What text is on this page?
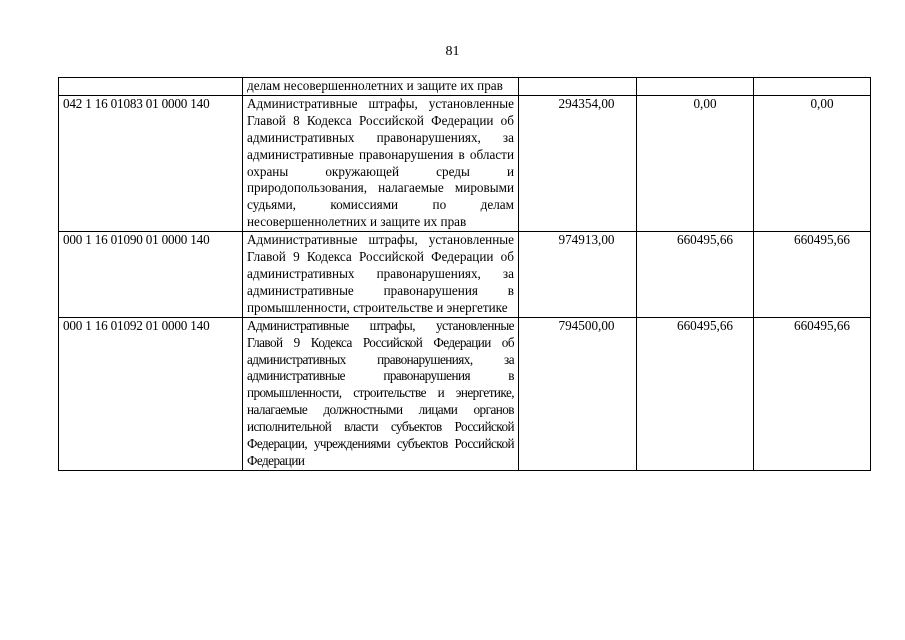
81
	делам несовершеннолетних и защите их прав			
042 1 16 01083 01 0000 140	Административные штрафы, установленные Главой 8 Кодекса Российской Федерации об административных правонарушениях, за административные правонарушения в области охраны окружающей среды и природопользования, налагаемые мировыми судьями, комиссиями по делам несовершеннолетних и защите их прав	294354,00	0,00	0,00
000 1 16 01090 01 0000 140	Административные штрафы, установленные Главой 9 Кодекса Российской Федерации об административных правонарушениях, за административные правонарушения в промышленности, строительстве и энергетике	974913,00	660495,66	660495,66
000 1 16 01092 01 0000 140	Административные штрафы, установленные Главой 9 Кодекса Российской Федерации об административных правонарушениях, за административные правонарушения в промышленности, строительстве и энергетике, налагаемые должностными лицами органов исполнительной власти субъектов Российской Федерации, учреждениями субъектов Российской Федерации	794500,00	660495,66	660495,66
